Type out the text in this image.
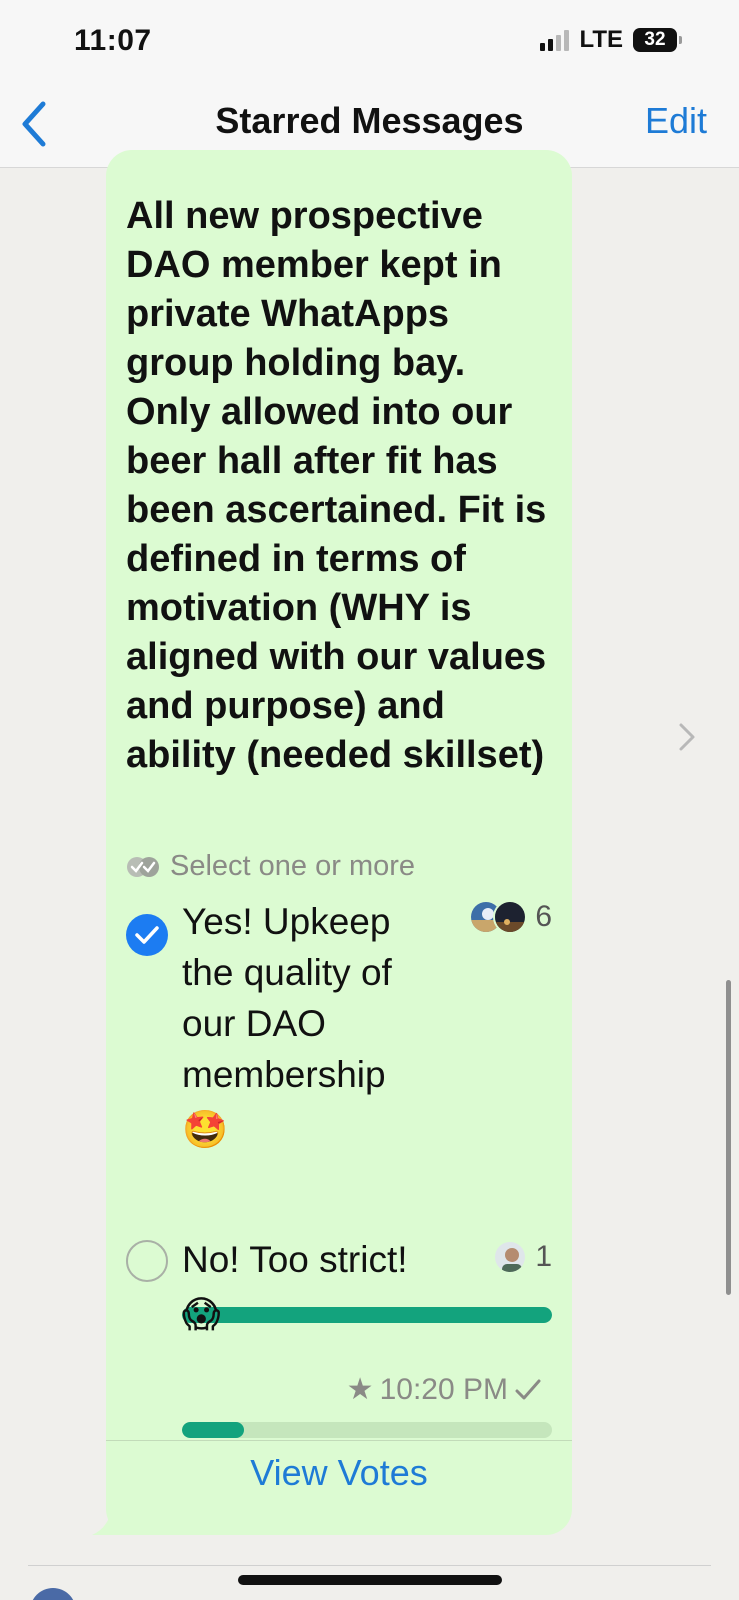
11:07	LTE 32
Starred Messages	Edit
All new prospective DAO member kept in private WhatApps group holding bay. Only allowed into our beer hall after fit has been ascertained. Fit is defined in terms of motivation (WHY is aligned with our values and purpose) and ability (needed skillset)
Select one or more
Yes! Upkeep the quality of our DAO membership
🤩
6
No! Too strict!
😱
1
★ 10:20 PM
View Votes
